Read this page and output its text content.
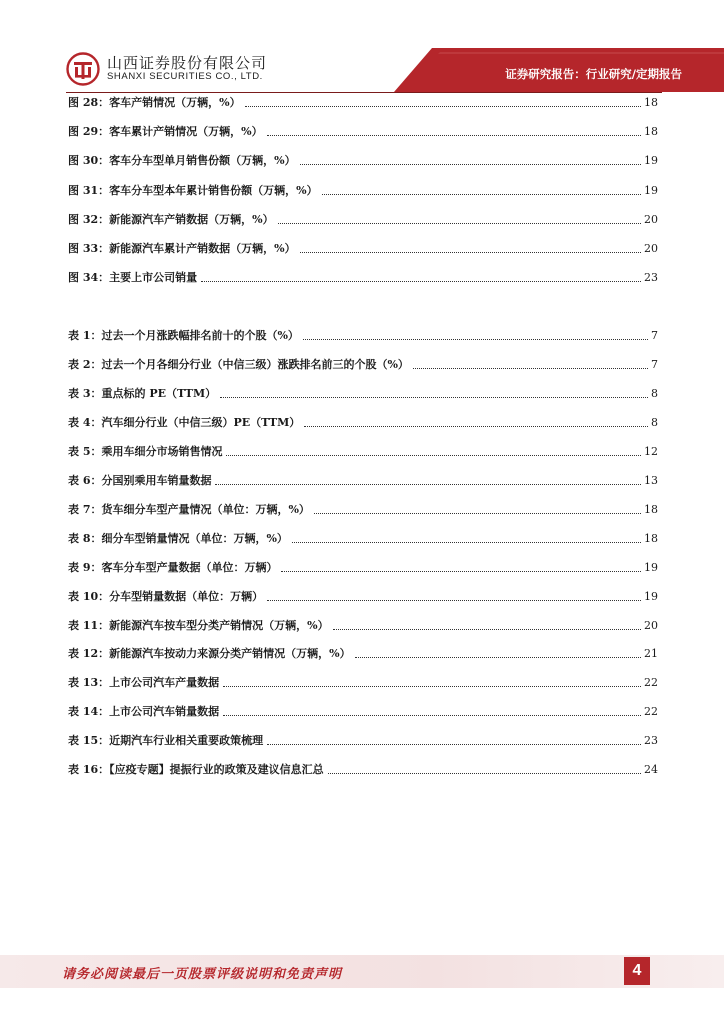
山西证券股份有限公司
SHANXI SECURITIES CO., LTD.	证券研究报告：行业研究/定期报告
图 28：客车产销情况（万辆，%）	18
图 29：客车累计产销情况（万辆，%）	18
图 30：客车分车型单月销售份额（万辆，%）	19
图 31：客车分车型本年累计销售份额（万辆，%）	19
图 32：新能源汽车产销数据（万辆，%）	20
图 33：新能源汽车累计产销数据（万辆，%）	20
图 34：主要上市公司销量	23
表 1：过去一个月涨跌幅排名前十的个股（%）	7
表 2：过去一个月各细分行业（中信三级）涨跌排名前三的个股（%）	7
表 3：重点标的 PE（TTM）	8
表 4：汽车细分行业（中信三级）PE（TTM）	8
表 5：乘用车细分市场销售情况	12
表 6：分国别乘用车销量数据	13
表 7：货车细分车型产量情况（单位：万辆，%）	18
表 8：细分车型销量情况（单位：万辆，%）	18
表 9：客车分车型产量数据（单位：万辆）	19
表 10：分车型销量数据（单位：万辆）	19
表 11：新能源汽车按车型分类产销情况（万辆，%）	20
表 12：新能源汽车按动力来源分类产销情况（万辆，%）	21
表 13：上市公司汽车产量数据	22
表 14：上市公司汽车销量数据	22
表 15：近期汽车行业相关重要政策梳理	23
表 16：【应疫专题】提振行业的政策及建议信息汇总	24
请务必阅读最后一页股票评级说明和免责声明	4
